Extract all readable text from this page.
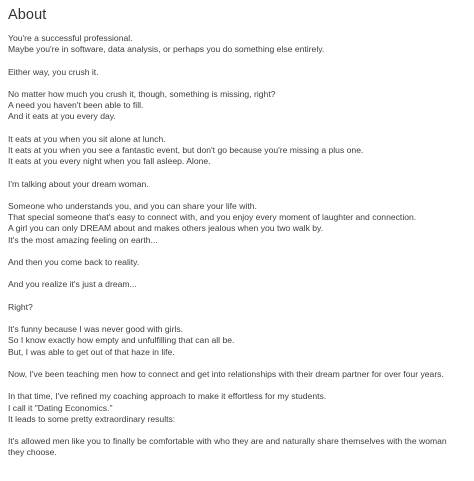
About
You're a successful professional.
Maybe you're in software, data analysis, or perhaps you do something else entirely.
Either way, you crush it.
No matter how much you crush it, though, something is missing, right?
A need you haven't been able to fill.
And it eats at you every day.
It eats at you when you sit alone at lunch.
It eats at you when you see a fantastic event, but don't go because you're missing a plus one.
It eats at you every night when you fall asleep. Alone.
I'm talking about your dream woman.
Someone who understands you, and you can share your life with.
That special someone that's easy to connect with, and you enjoy every moment of laughter and connection.
A girl you can only DREAM about and makes others jealous when you two walk by.
It's the most amazing feeling on earth...
And then you come back to reality.
And you realize it's just a dream...
Right?
It's funny because I was never good with girls.
So I know exactly how empty and unfulfilling that can all be.
But, I was able to get out of that haze in life.
Now, I've been teaching men how to connect and get into relationships with their dream partner for over four years.
In that time, I've refined my coaching approach to make it effortless for my students.
I call it "Dating Economics."
It leads to some pretty extraordinary results:
It's allowed men like you to finally be comfortable with who they are and naturally share themselves with the woman
they choose.
